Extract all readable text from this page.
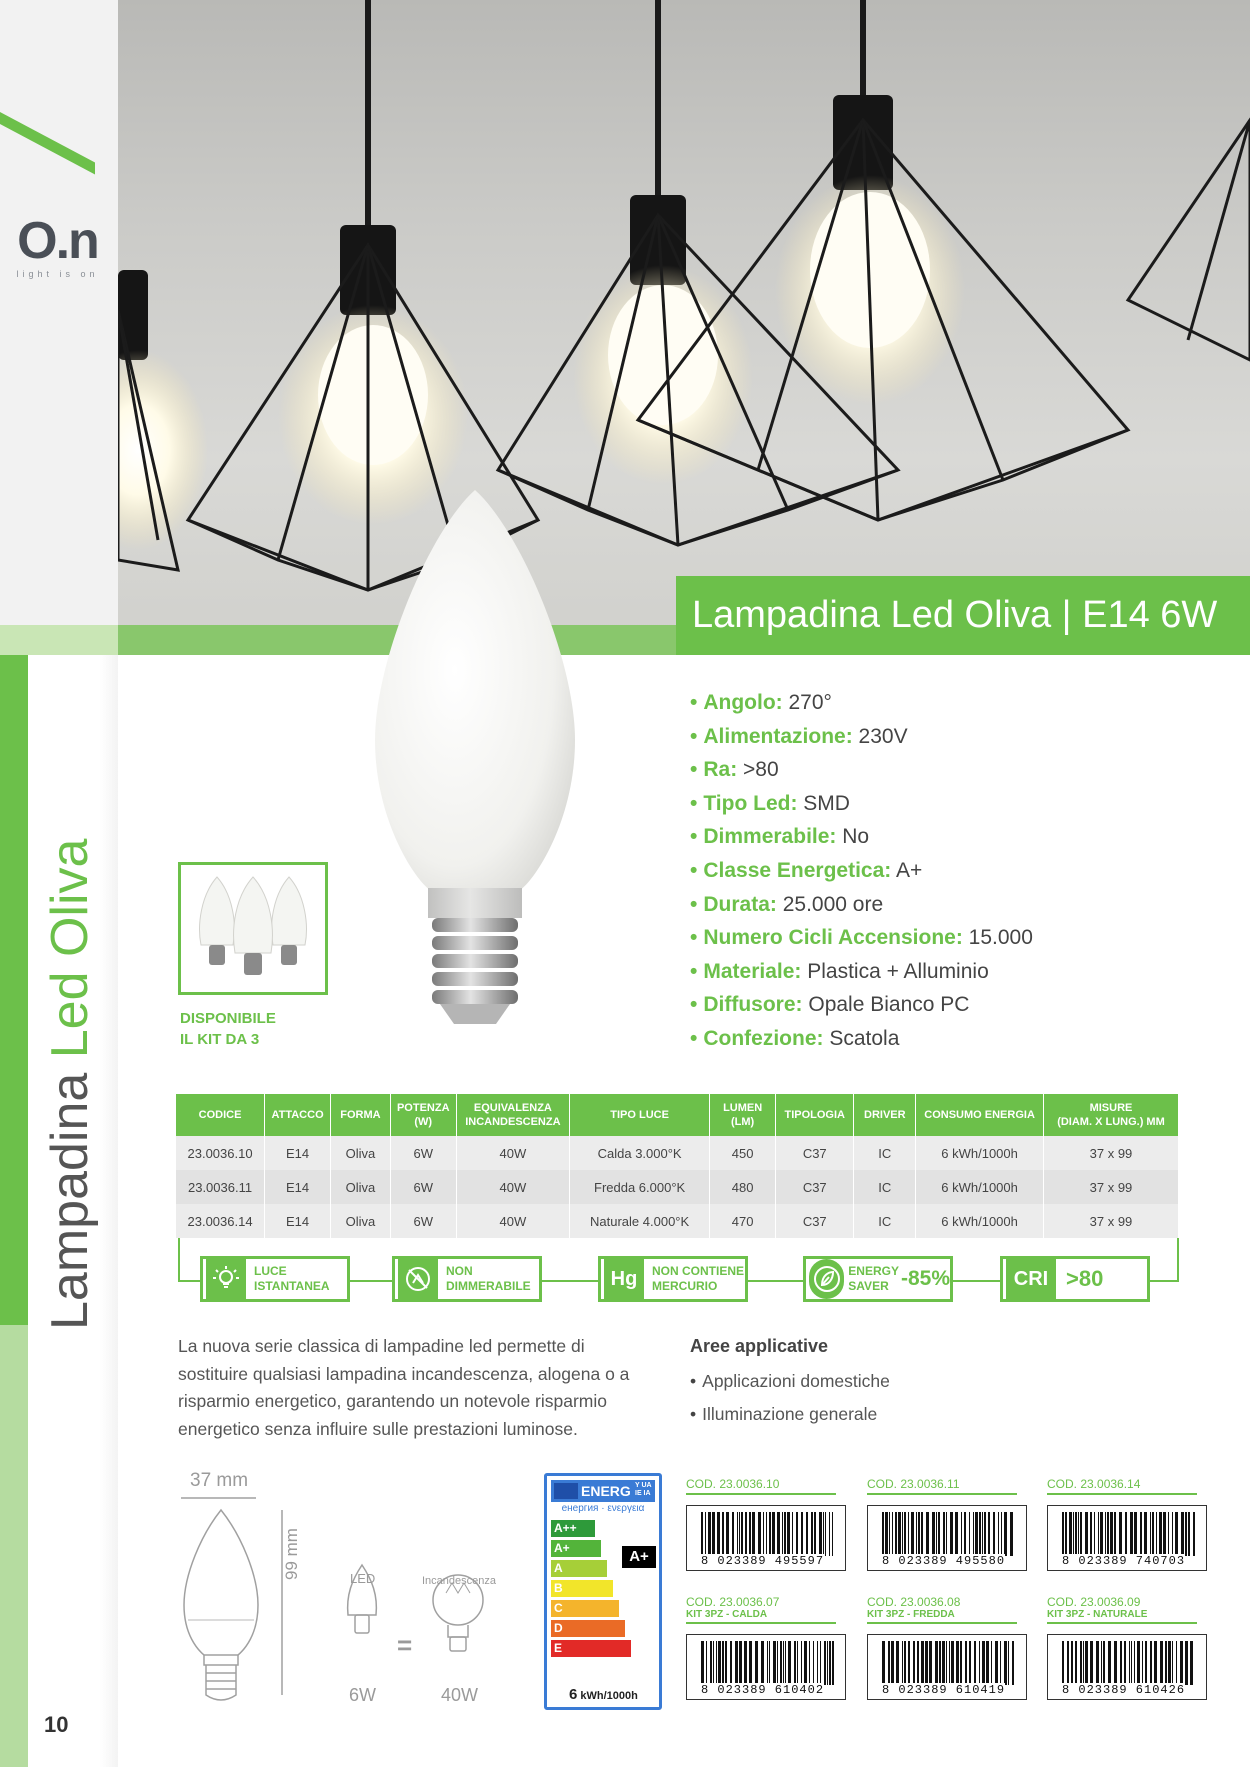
O.n
light is on
Lampadina Led Oliva
10
Lampadina Led Oliva | E14 6W
DISPONIBILE
IL KIT DA 3
• Angolo: 270°
• Alimentazione: 230V
• Ra: >80
• Tipo Led: SMD
• Dimmerabile: No
• Classe Energetica: A+
• Durata: 25.000 ore
• Numero Cicli Accensione: 15.000
• Materiale: Plastica + Alluminio
• Diffusore: Opale Bianco PC
• Confezione: Scatola
CODICE	ATTACCO	FORMA	POTENZA
(W)	EQUIVALENZA
INCANDESCENZA	TIPO LUCE	LUMEN
(LM)	TIPOLOGIA	DRIVER	CONSUMO ENERGIA	MISURE
(DIAM. X LUNG.) MM
23.0036.10	E14	Oliva	6W	40W	Calda 3.000°K	450	C37	IC	6 kWh/1000h	37 x 99
23.0036.11	E14	Oliva	6W	40W	Fredda 6.000°K	480	C37	IC	6 kWh/1000h	37 x 99
23.0036.14	E14	Oliva	6W	40W	Naturale 4.000°K	470	C37	IC	6 kWh/1000h	37 x 99
LUCE
ISTANTANEA
NON
DIMMERABILE	Hg	NON CONTIENE
MERCURIO
ENERGY
SAVER -85%	CRI >80

La nuova serie classica di lampadine led permette di sostituire qualsiasi lampadina incandescenza, alogena o a risparmio energetico, garantendo un notevole risparmio energetico senza influire sulle prestazioni luminose.

Aree applicative
• Applicazioni domestiche
• Illuminazione generale
37 mm
99 mm	LED	Incandescenza
=
6W	40W
ENERG Y UA IE IA
енергия · ενεργεια
A++
A+
A
B
C
D
E
A+
6 kWh/1000h
COD. 23.0036.10
8 023389 495597
COD. 23.0036.11
8 023389 495580
COD. 23.0036.14
8 023389 740703
COD. 23.0036.07
KIT 3PZ - CALDA
8 023389 610402
COD. 23.0036.08
KIT 3PZ - FREDDA
8 023389 610419
COD. 23.0036.09
KIT 3PZ - NATURALE
8 023389 610426
